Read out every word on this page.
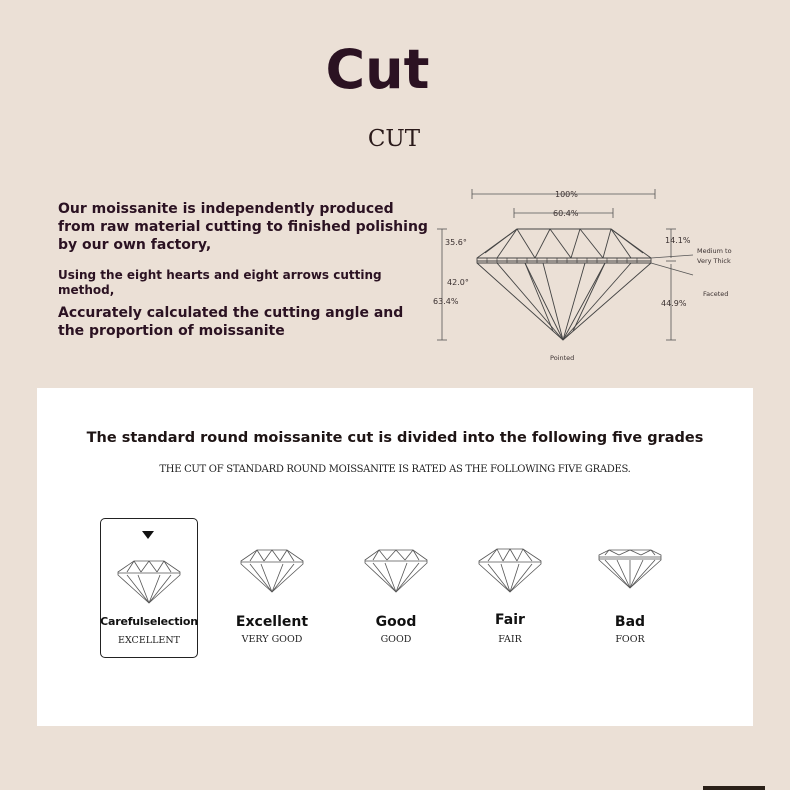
Cut
CUT
Our moissanite is independently produced from raw material cutting to finished polishing by our own factory,
Using the eight hearts and eight arrows cutting method,
Accurately calculated the cutting angle and the proportion of moissanite
100%
60.4%
35.6°
42.0°
63.4%
14.1%
Medium to
Very Thick
Faceted
44.9%
Pointed
The standard round moissanite cut is divided into the following five grades
THE CUT OF STANDARD ROUND MOISSANITE IS RATED AS THE FOLLOWING FIVE GRADES.
Carefulselection
EXCELLENT
Excellent
VERY GOOD
Good
GOOD
Fair
FAIR
Bad
FOOR
